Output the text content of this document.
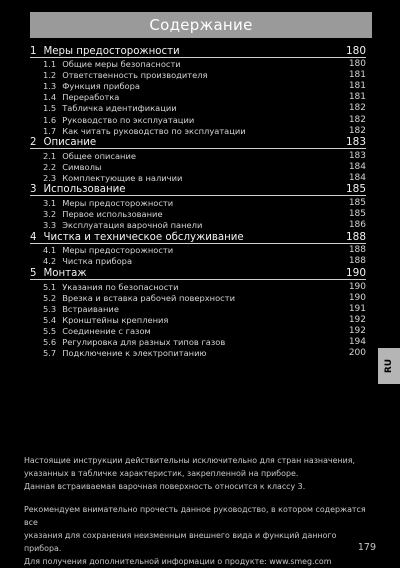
Содержание
1 Меры предосторожности	180
1.1 Общие меры безопасности	180
1.2 Ответственность производителя	181
1.3 Функция прибора	181
1.4 Переработка	181
1.5 Табличка идентификации	182
1.6 Руководство по эксплуатации	182
1.7 Как читать руководство по эксплуатации	182
2 Описание	183
2.1 Общее описание	183
2.2 Символы	184
2.3 Комплектующие в наличии	184
3 Использование	185
3.1 Меры предосторожности	185
3.2 Первое использование	185
3.3 Эксплуатация варочной панели	186
4 Чистка и техническое обслуживание	188
4.1 Меры предосторожности	188
4.2 Чистка прибора	188
5 Монтаж	190
5.1 Указания по безопасности	190
5.2 Врезка и вставка рабочей поверхности	190
5.3 Встраивание	191
5.4 Кронштейны крепления	192
5.5 Соединение с газом	192
5.6 Регулировка для разных типов газов	194
5.7 Подключение к электропитанию	200
RU

Настоящие инструкции действительны исключительно для стран назначения,

указанных в табличке характеристик, закрепленной на приборе.

Данная встраиваемая варочная поверхность относится к классу 3.

Рекомендуем внимательно прочесть данное руководство, в котором содержатся все

указания для сохранения неизменным внешнего вида и функций данного прибора.

Для получения дополнительной информации о продукте: www.smeg.com

179
